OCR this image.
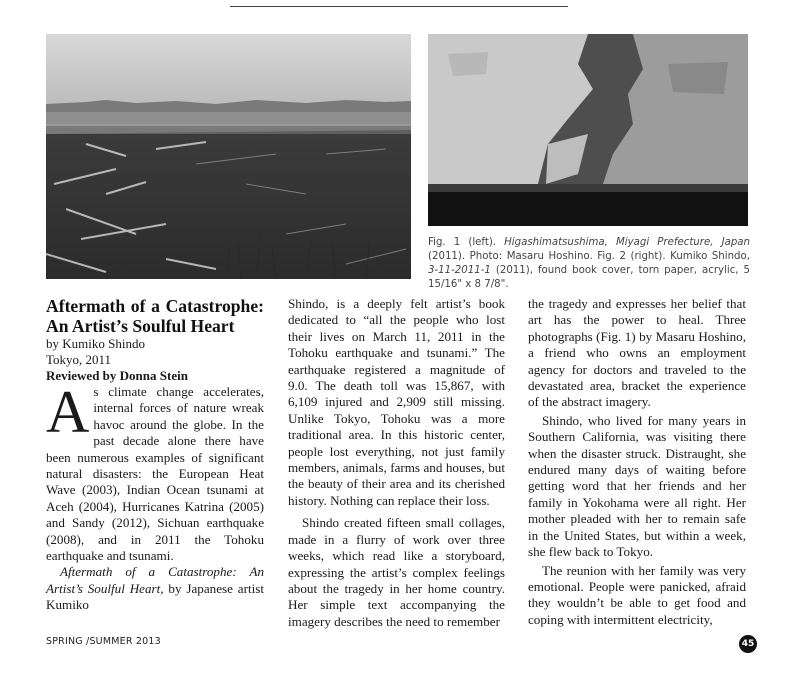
Fig. 1 (left). Higashimatsushima, Miyagi Prefecture, Japan (2011). Photo: Masaru Hoshino. Fig. 2 (right). Kumiko Shindo, 3-11-2011-1 (2011), found book cover, torn paper, acrylic, 5 15/16" x 8 7/8".
Aftermath of a Catastrophe: An Artist’s Soulful Heart

by Kumiko Shindo

Tokyo, 2011

Reviewed by Donna Stein

As climate change accelerates, internal forces of nature wreak havoc around the globe. In the past decade alone there have been numerous examples of significant natural disasters: the European Heat Wave (2003), Indian Ocean tsunami at Aceh (2004), Hurricanes Katrina (2005) and Sandy (2012), Sichuan earthquake (2008), and in 2011 the Tohoku earthquake and tsunami.

Aftermath of a Catastrophe: An Artist’s Soulful Heart, by Japanese artist Kumiko

Shindo, is a deeply felt artist’s book dedicated to “all the people who lost their lives on March 11, 2011 in the Tohoku earthquake and tsunami.” The earthquake registered a magnitude of 9.0. The death toll was 15,867, with 6,109 injured and 2,909 still missing. Unlike Tokyo, Tohoku was a more traditional area. In this historic center, people lost everything, not just family members, animals, farms and houses, but the beauty of their area and its cherished history. Nothing can replace their loss.

Shindo created fifteen small collages, made in a flurry of work over three weeks, which read like a storyboard, expressing the artist’s complex feelings about the tragedy in her home country. Her simple text accompanying the imagery describes the need to remember

the tragedy and expresses her belief that art has the power to heal. Three photographs (Fig. 1) by Masaru Hoshino, a friend who owns an employment agency for doctors and traveled to the devastated area, bracket the experience of the abstract imagery.

Shindo, who lived for many years in Southern California, was visiting there when the disaster struck. Distraught, she endured many days of waiting before getting word that her friends and her family in Yokohama were all right. Her mother pleaded with her to remain safe in the United States, but within a week, she flew back to Tokyo.

The reunion with her family was very emotional. People were panicked, afraid they wouldn’t be able to get food and coping with intermittent electricity,

SPRING /SUMMER 2013	45
